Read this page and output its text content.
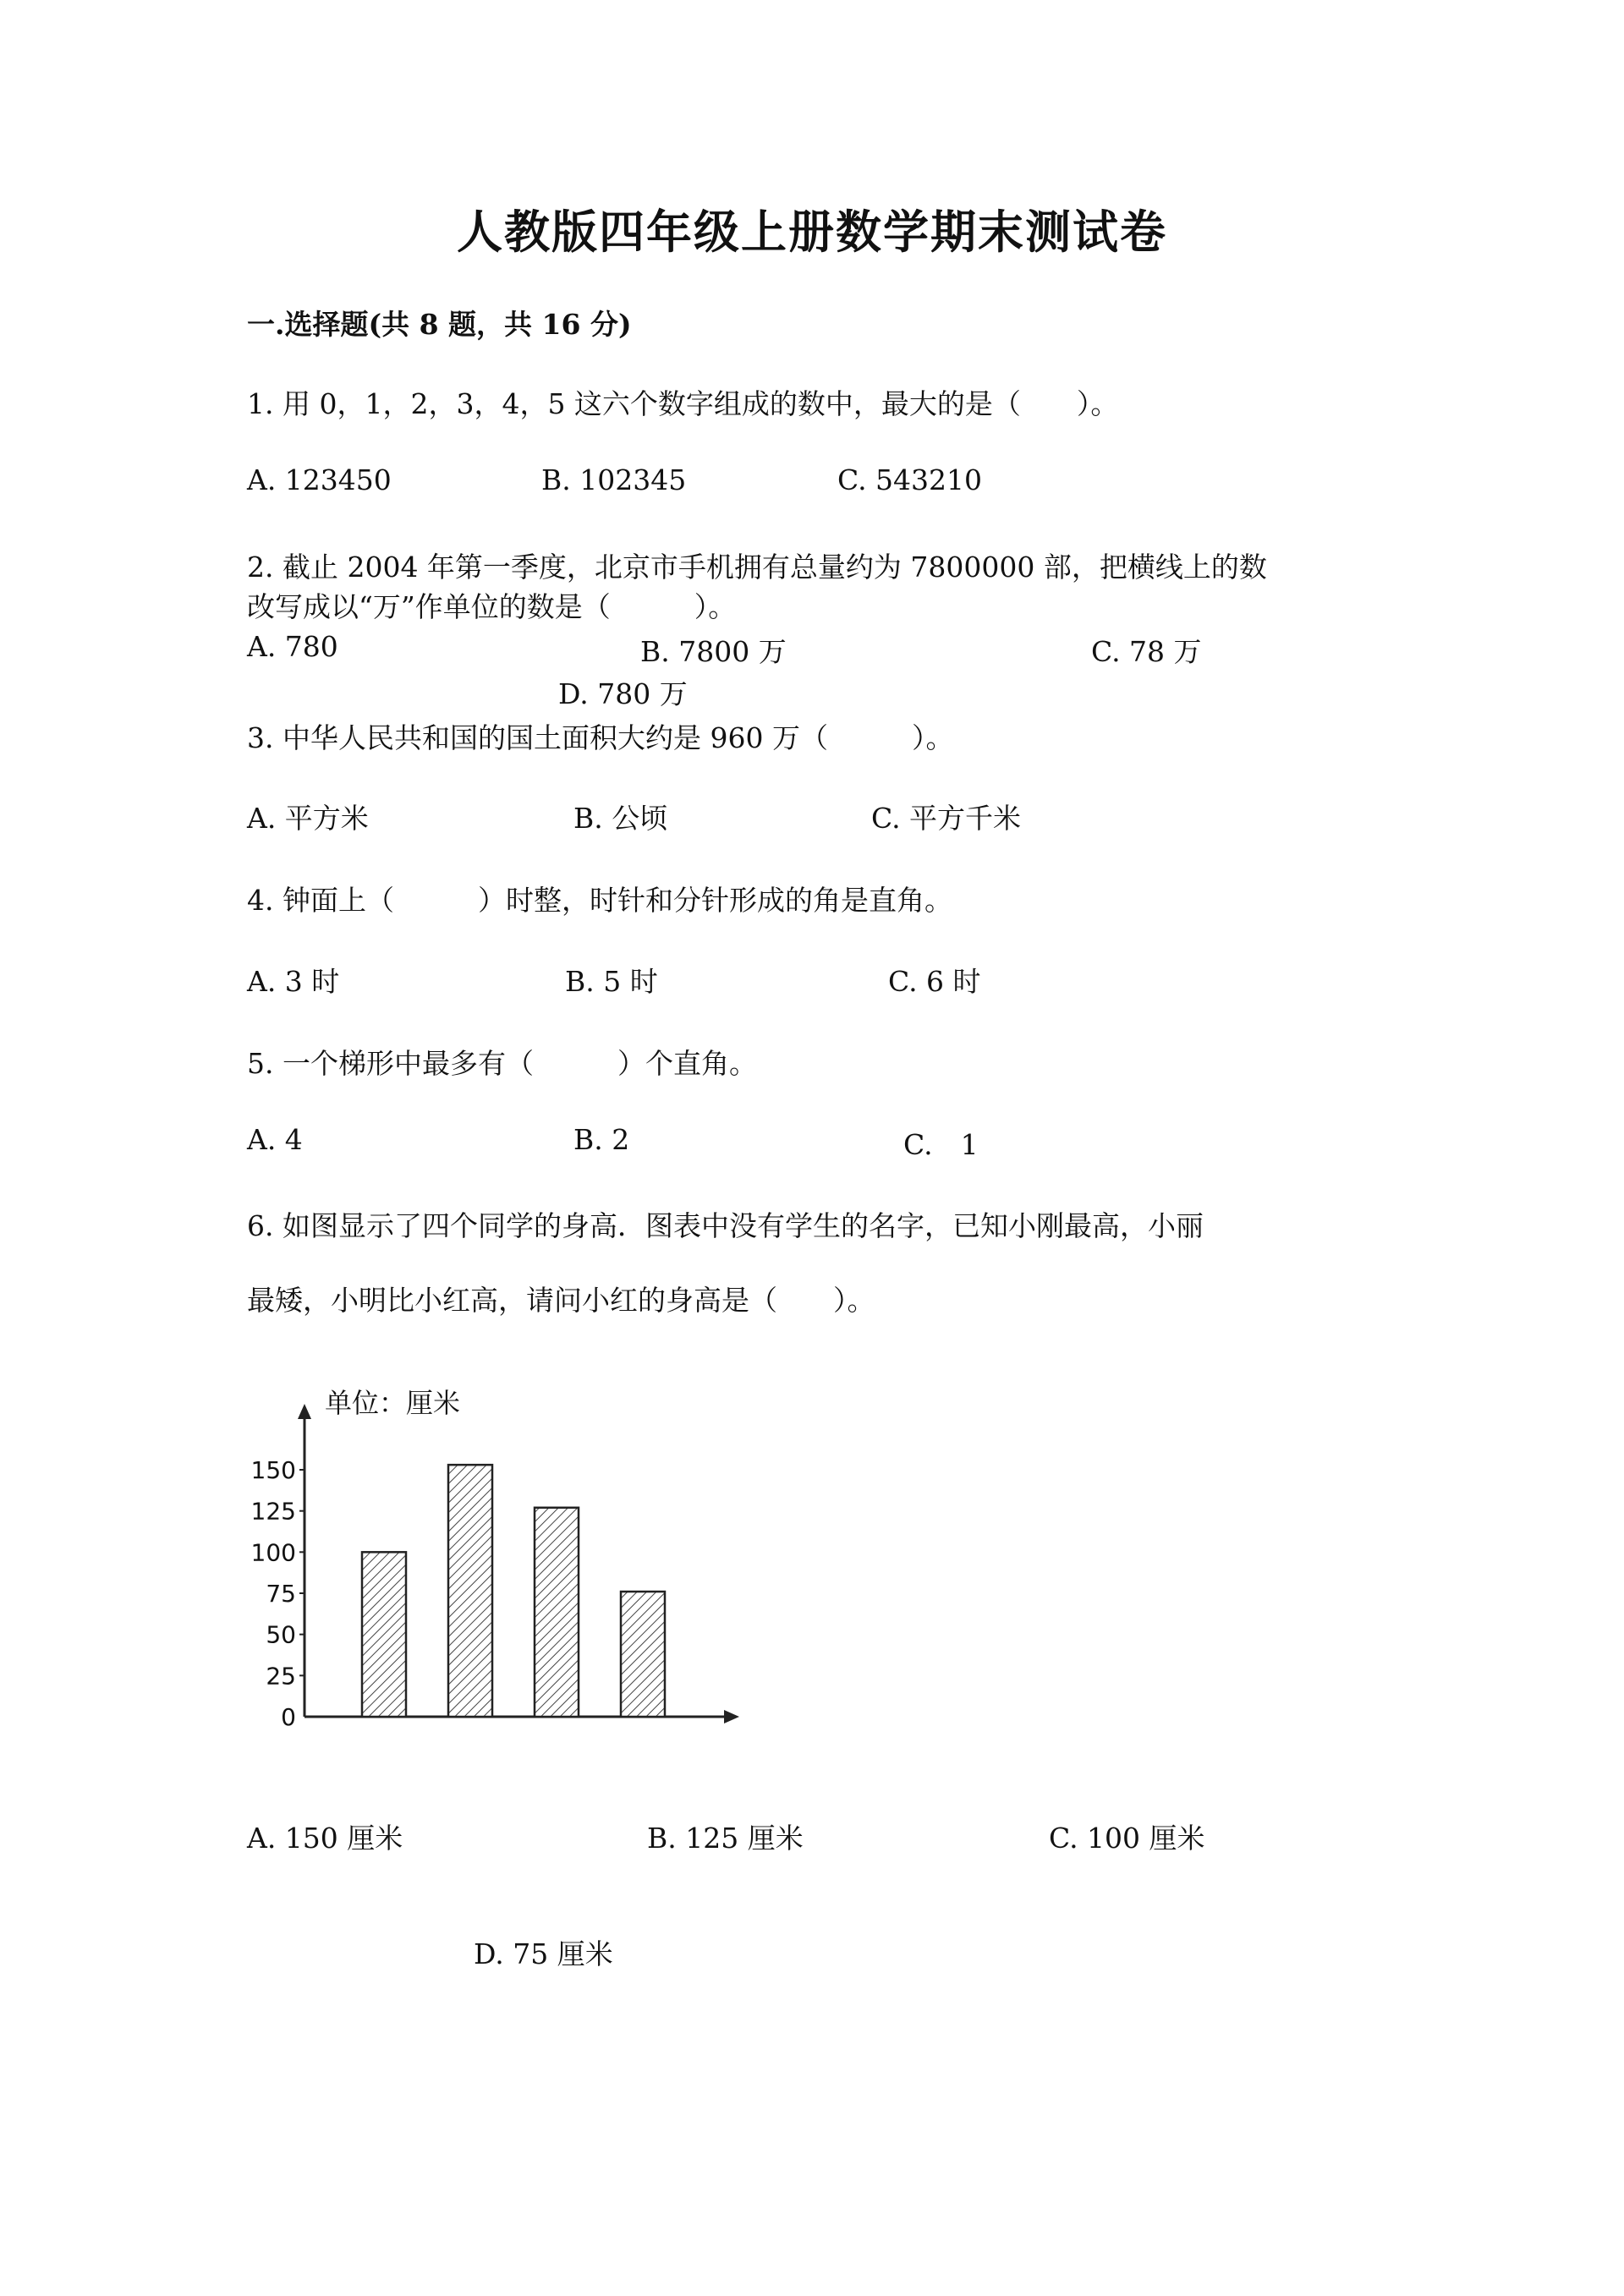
人教版四年级上册数学期末测试卷
一.选择题(共 8 题，共 16 分)
1. 用 0，1，2，3，4，5 这六个数字组成的数中，最大的是（　　）。
A. 123450	B. 102345	C. 543210
2. 截止 2004 年第一季度，北京市手机拥有总量约为 7800000 部，把横线上的数
改写成以“万”作单位的数是（　　　）。
A. 780	B. 7800 万	C. 78 万
D. 780 万
3. 中华人民共和国的国土面积大约是 960 万（　　　）。
A. 平方米	B. 公顷	C. 平方千米
4. 钟面上（　　　）时整，时针和分针形成的角是直角。
A. 3 时	B. 5 时	C. 6 时
5. 一个梯形中最多有（　　　）个直角。
A. 4	B. 2	C.　1
6. 如图显示了四个同学的身高．图表中没有学生的名字，已知小刚最高，小丽
最矮，小明比小红高，请问小红的身高是（　　）。
单位：厘米
150
125
100
75
50
25
0
A. 150 厘米	B. 125 厘米	C. 100 厘米
D. 75 厘米
